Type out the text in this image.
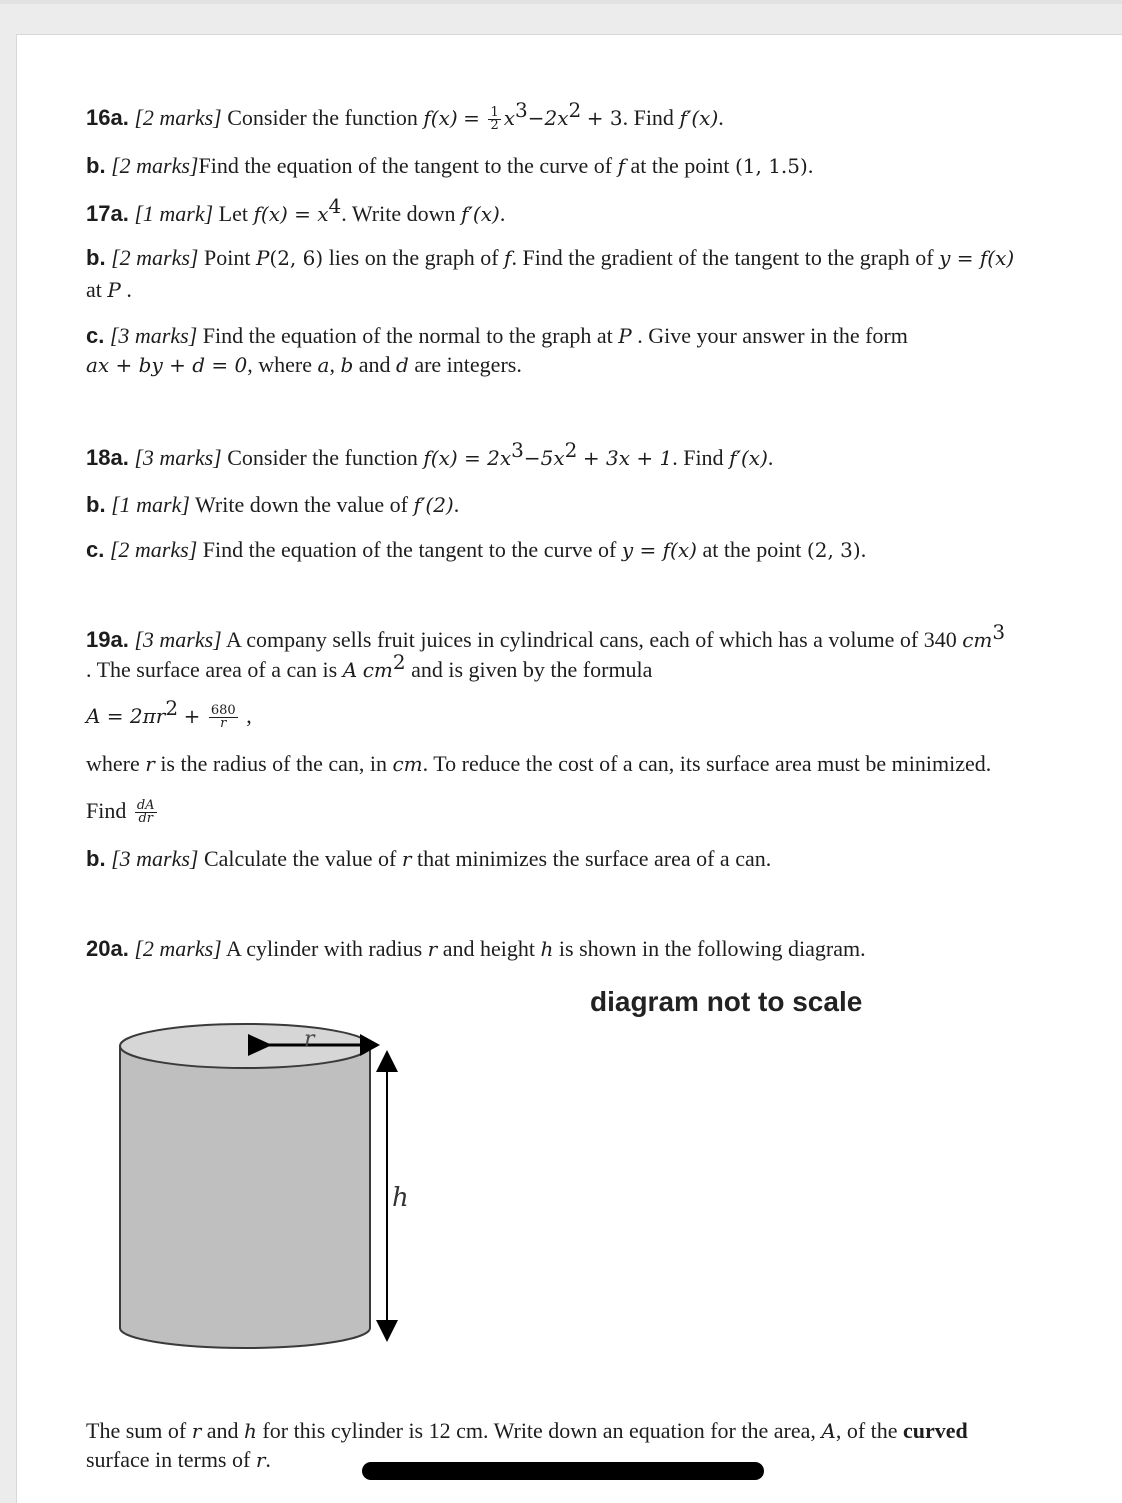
16a. [2 marks] Consider the function $f(x) = \frac{1}{2} x^3-2x^2 + 3$. Find f′(x).
b. [2 marks]Find the equation of the tangent to the curve of f at the point (1, 1.5).
17a. [1 mark] Let $f(x) = x^4$. Write down f′(x).
b. [2 marks] Point P(2, 6) lies on the graph of f. Find the gradient of the tangent to the graph of y = f(x)
at P .
c. [3 marks] Find the equation of the normal to the graph at P . Give your answer in the form
ax + by + d = 0, where a, b and d are integers.
18a. [3 marks] Consider the function $f(x) = 2x^3-5x^2 + 3x + 1$. Find f′(x).
b. [1 mark] Write down the value of f′(2).
c. [2 marks] Find the equation of the tangent to the curve of y = f(x) at the point (2, 3).
19a. [3 marks] A company sells fruit juices in cylindrical cans, each of which has a volume of 340 $cm^3$
. The surface area of a can is A $cm^2$ and is given by the formula
$A = 2\pi r^2 + \frac{680}{r}$ ,
where r is the radius of the can, in cm. To reduce the cost of a can, its surface area must be minimized.
Find $\frac{dA}{dr}$
b. [3 marks] Calculate the value of r that minimizes the surface area of a can.
20a. [2 marks] A cylinder with radius r and height h is shown in the following diagram.
diagram not to scale
r
h
The sum of r and h for this cylinder is 12 cm. Write down an equation for the area, A, of the curved
surface in terms of r.
